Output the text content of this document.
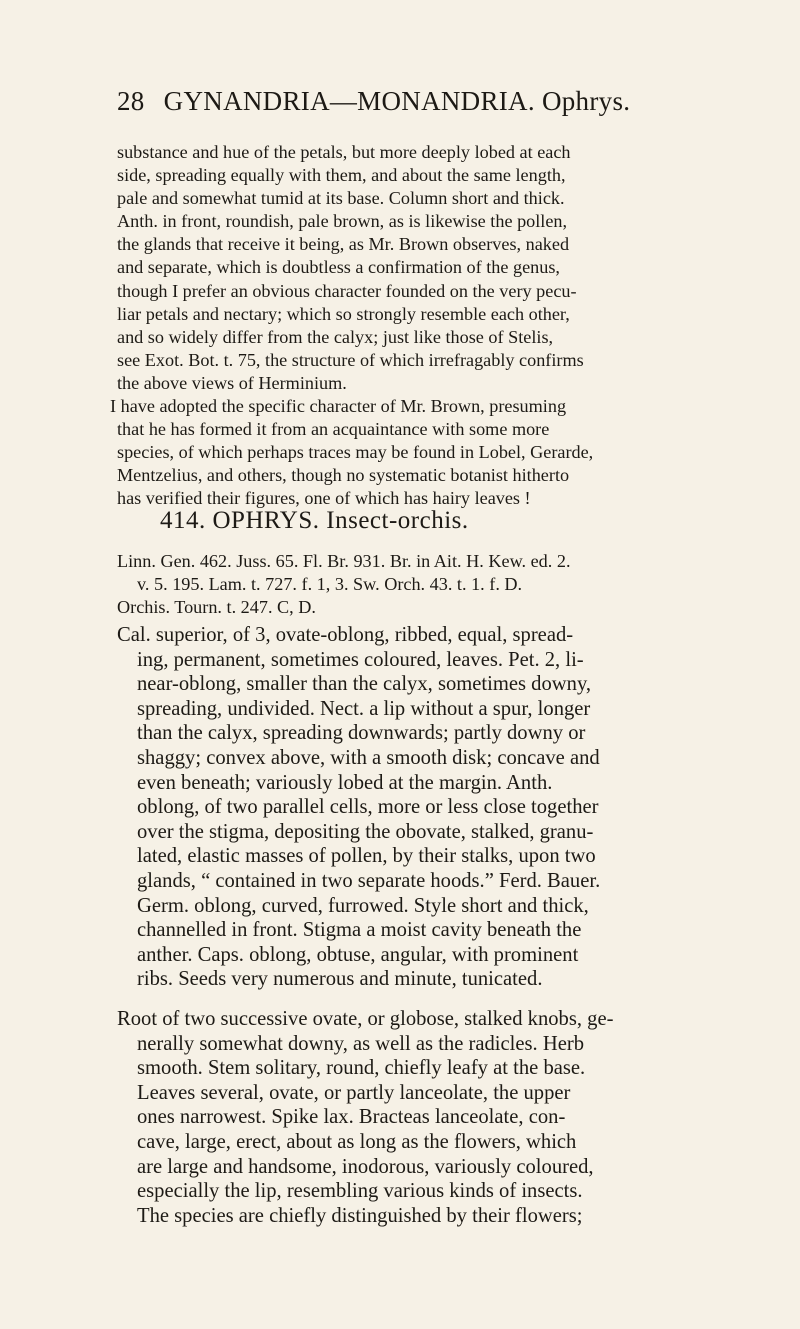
28 GYNANDRIA—MONANDRIA. Ophrys.
substance and hue of the petals, but more deeply lobed at each
side, spreading equally with them, and about the same length,
pale and somewhat tumid at its base. Column short and thick.
Anth. in front, roundish, pale brown, as is likewise the pollen,
the glands that receive it being, as Mr. Brown observes, naked
and separate, which is doubtless a confirmation of the genus,
though I prefer an obvious character founded on the very pecu-
liar petals and nectary; which so strongly resemble each other,
and so widely differ from the calyx; just like those of Stelis,
see Exot. Bot. t. 75, the structure of which irrefragably confirms
the above views of Herminium.
I have adopted the specific character of Mr. Brown, presuming
that he has formed it from an acquaintance with some more
species, of which perhaps traces may be found in Lobel, Gerarde,
Mentzelius, and others, though no systematic botanist hitherto
has verified their figures, one of which has hairy leaves !
414. OPHRYS. Insect-orchis.
Linn. Gen. 462. Juss. 65. Fl. Br. 931. Br. in Ait. H. Kew. ed. 2.
v. 5. 195. Lam. t. 727. f. 1, 3. Sw. Orch. 43. t. 1. f. D.
Orchis. Tourn. t. 247. C, D.
Cal. superior, of 3, ovate-oblong, ribbed, equal, spread-
ing, permanent, sometimes coloured, leaves. Pet. 2, li-
near-oblong, smaller than the calyx, sometimes downy,
spreading, undivided. Nect. a lip without a spur, longer
than the calyx, spreading downwards; partly downy or
shaggy; convex above, with a smooth disk; concave and
even beneath; variously lobed at the margin. Anth.
oblong, of two parallel cells, more or less close together
over the stigma, depositing the obovate, stalked, granu-
lated, elastic masses of pollen, by their stalks, upon two
glands, “ contained in two separate hoods.” Ferd. Bauer.
Germ. oblong, curved, furrowed. Style short and thick,
channelled in front. Stigma a moist cavity beneath the
anther. Caps. oblong, obtuse, angular, with prominent
ribs. Seeds very numerous and minute, tunicated.
Root of two successive ovate, or globose, stalked knobs, ge-
nerally somewhat downy, as well as the radicles. Herb
smooth. Stem solitary, round, chiefly leafy at the base.
Leaves several, ovate, or partly lanceolate, the upper
ones narrowest. Spike lax. Bracteas lanceolate, con-
cave, large, erect, about as long as the flowers, which
are large and handsome, inodorous, variously coloured,
especially the lip, resembling various kinds of insects.
The species are chiefly distinguished by their flowers;
